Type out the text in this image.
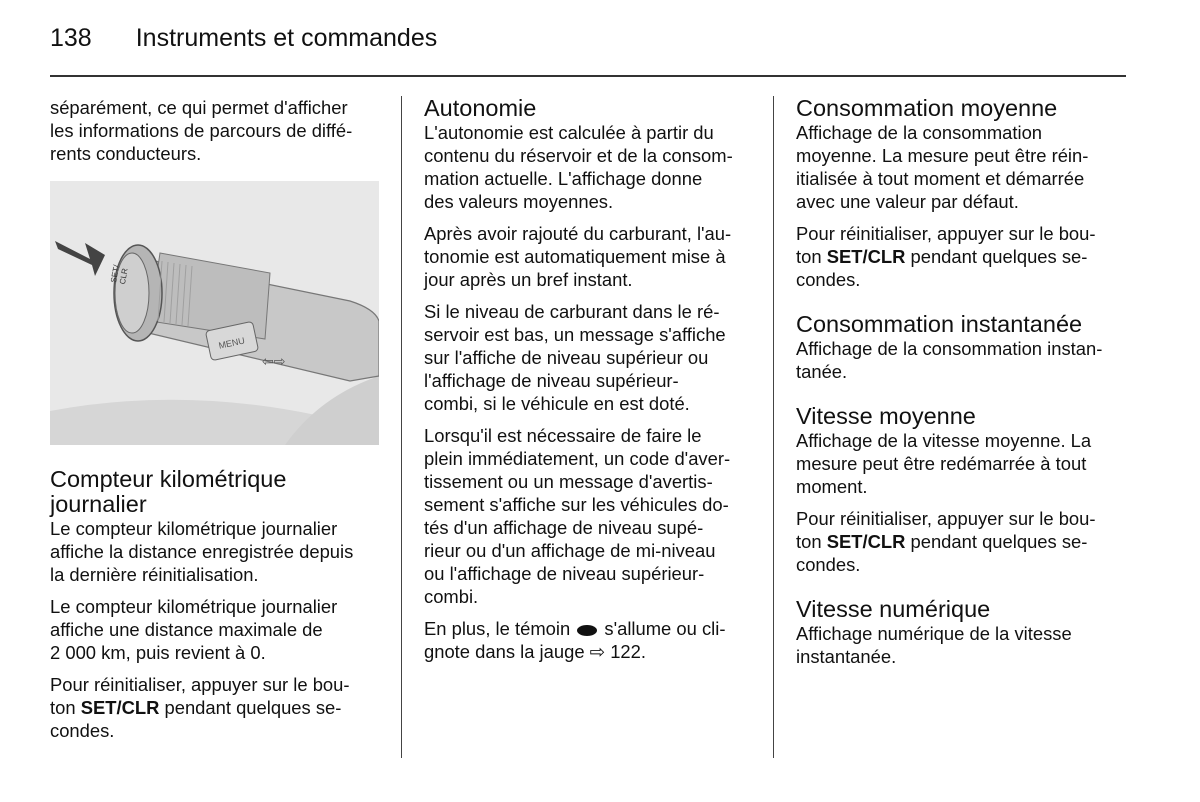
138 Instruments et commandes

séparément, ce qui permet d'afficher
les informations de parcours de diffé-
rents conducteurs.

SET/CLR
MENU
⇦⇨
Compteur kilométrique
journalier

Le compteur kilométrique journalier
affiche la distance enregistrée depuis
la dernière réinitialisation.

Le compteur kilométrique journalier
affiche une distance maximale de
2 000 km, puis revient à 0.

Pour réinitialiser, appuyer sur le bou-
ton SET/CLR pendant quelques se-
condes.

Autonomie

L'autonomie est calculée à partir du
contenu du réservoir et de la consom-
mation actuelle. L'affichage donne
des valeurs moyennes.

Après avoir rajouté du carburant, l'au-
tonomie est automatiquement mise à
jour après un bref instant.

Si le niveau de carburant dans le ré-
servoir est bas, un message s'affiche
sur l'affiche de niveau supérieur ou
l'affichage de niveau supérieur-
combi, si le véhicule en est doté.

Lorsqu'il est nécessaire de faire le
plein immédiatement, un code d'aver-
tissement ou un message d'avertis-
sement s'affiche sur les véhicules do-
tés d'un affichage de niveau supé-
rieur ou d'un affichage de mi-niveau
ou l'affichage de niveau supérieur-
combi.

En plus, le témoin  s'allume ou cli-
gnote dans la jauge ⇨ 122.

Consommation moyenne

Affichage de la consommation
moyenne. La mesure peut être réin-
itialisée à tout moment et démarrée
avec une valeur par défaut.

Pour réinitialiser, appuyer sur le bou-
ton SET/CLR pendant quelques se-
condes.

Consommation instantanée

Affichage de la consommation instan-
tanée.

Vitesse moyenne

Affichage de la vitesse moyenne. La
mesure peut être redémarrée à tout
moment.

Pour réinitialiser, appuyer sur le bou-
ton SET/CLR pendant quelques se-
condes.

Vitesse numérique

Affichage numérique de la vitesse
instantanée.
